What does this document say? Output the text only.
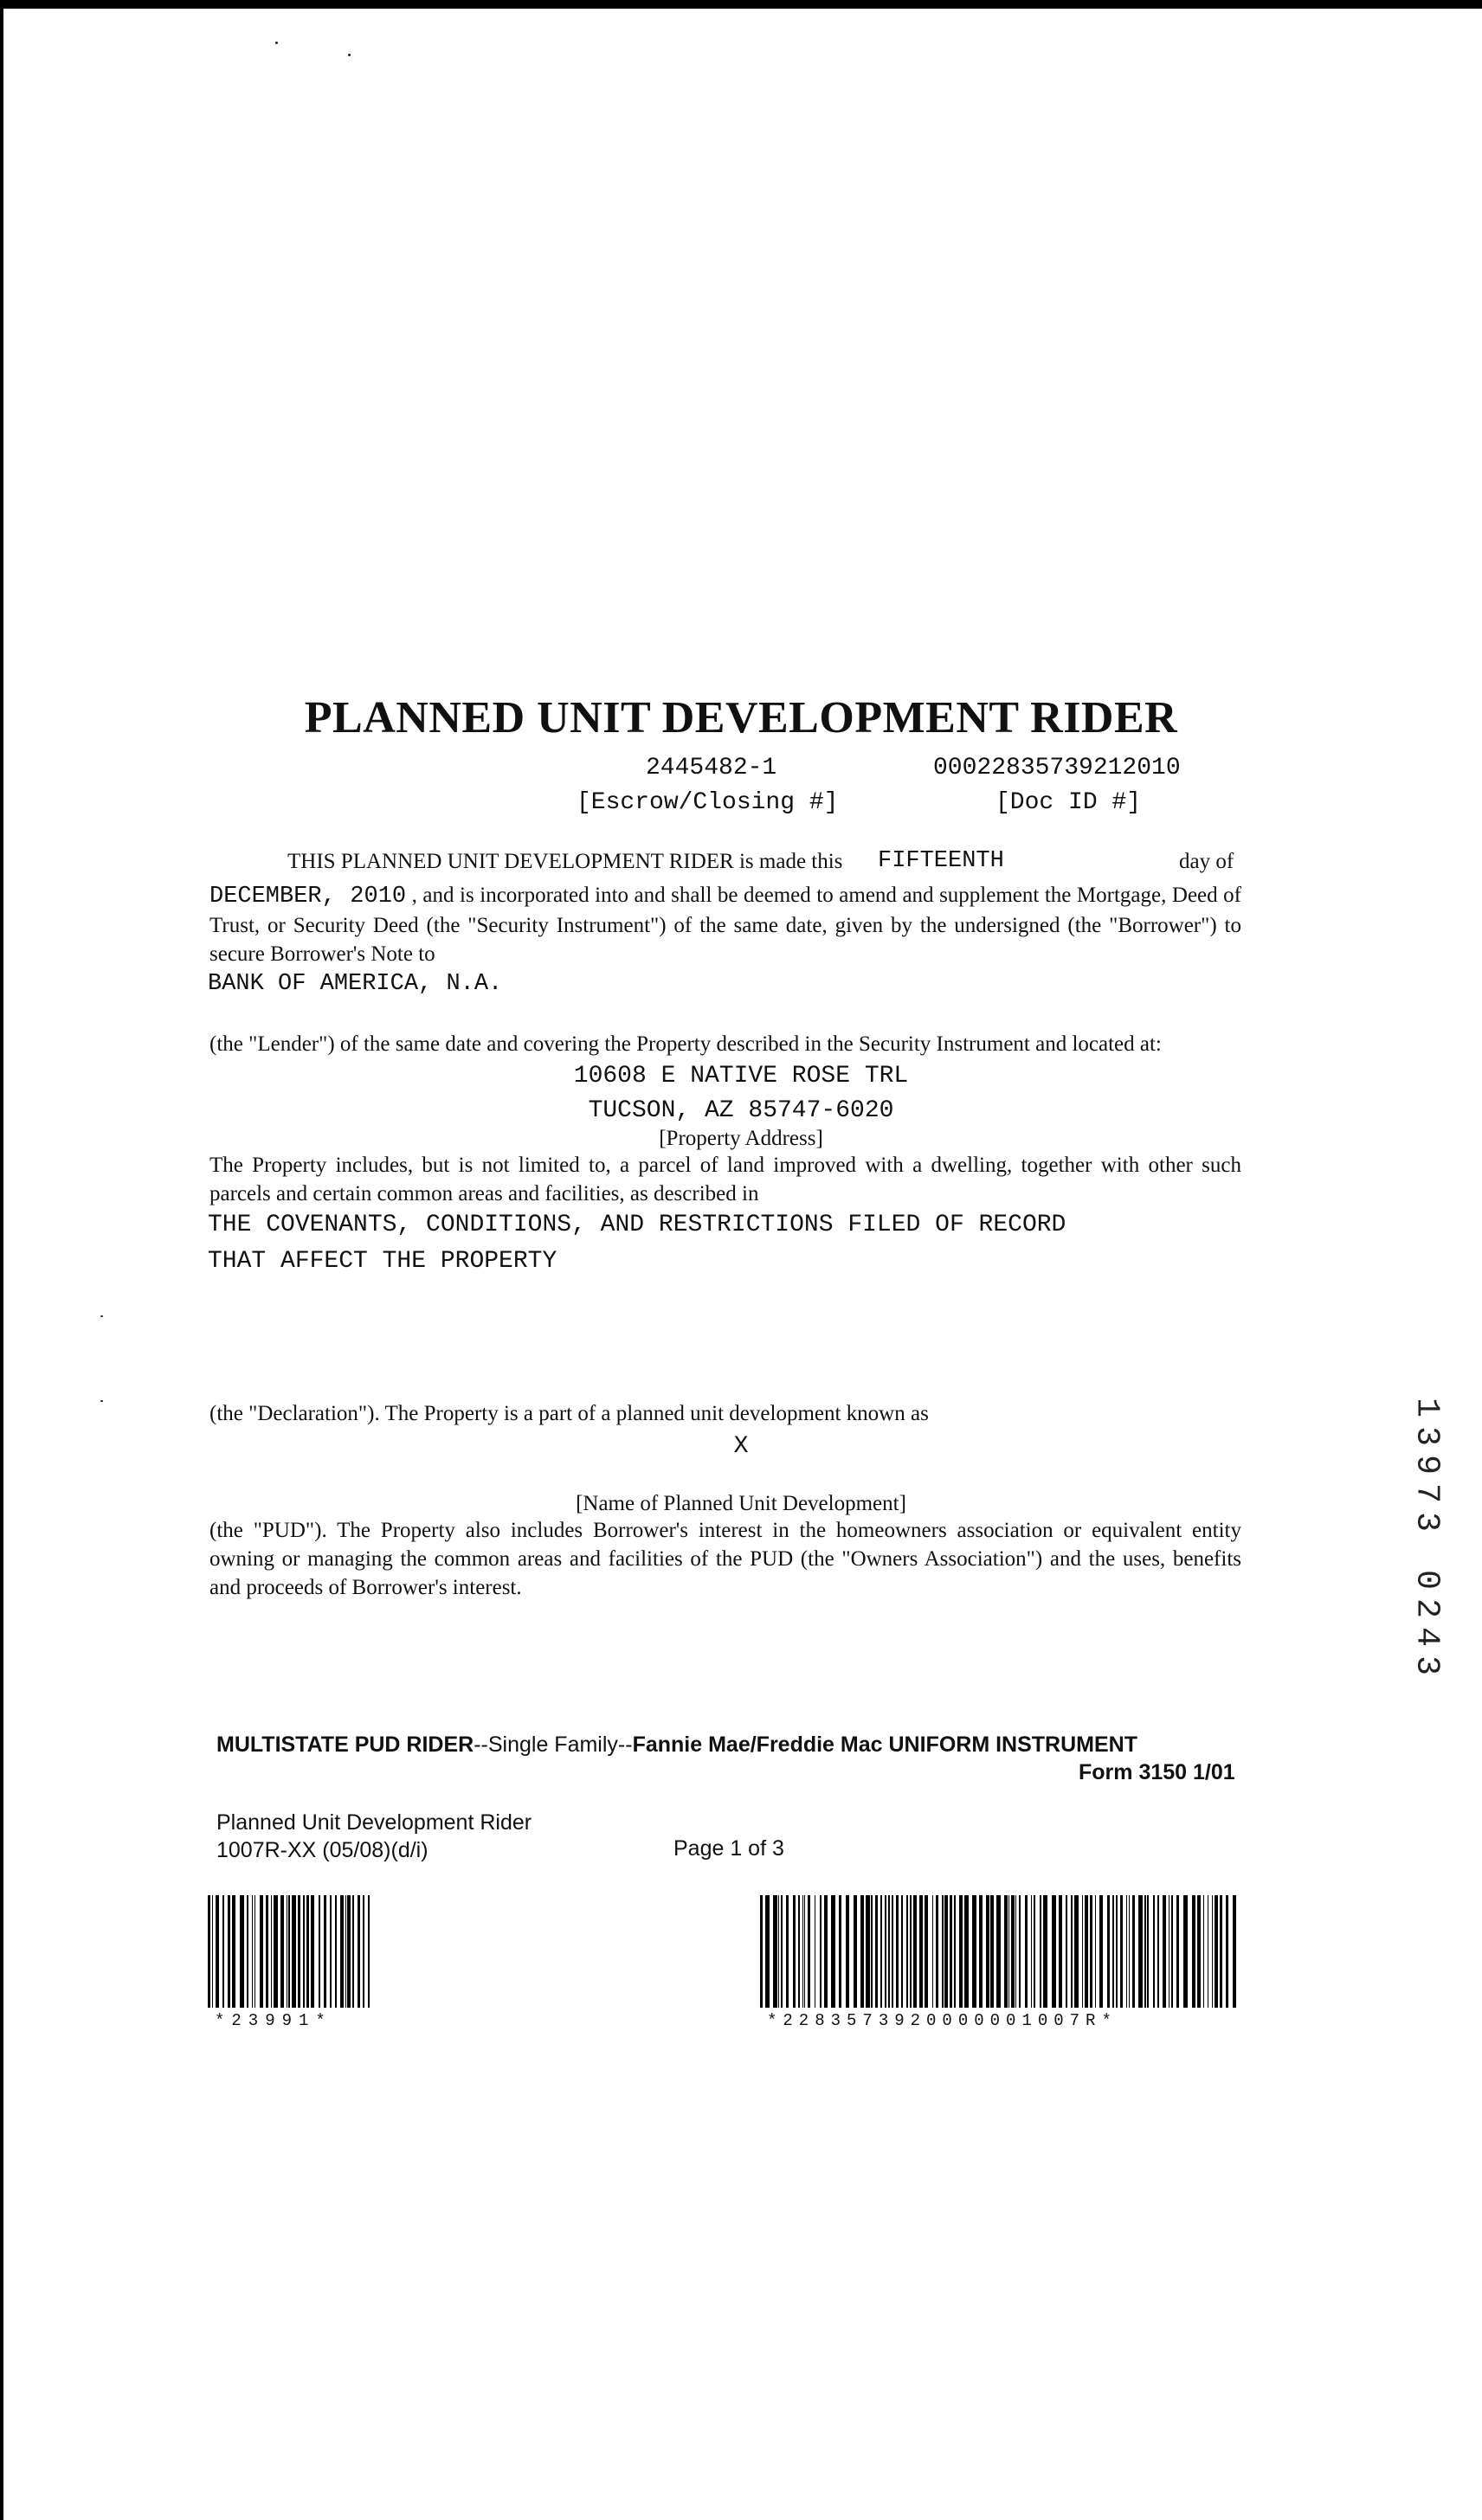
PLANNED UNIT DEVELOPMENT RIDER
2445482-1	00022835739212010
[Escrow/Closing #]	[Doc ID #]
THIS PLANNED UNIT DEVELOPMENT RIDER is made this FIFTEENTH	day of
DECEMBER, 2010 , and is incorporated into and shall be deemed to amend and supplement the Mortgage, Deed of Trust, or Security Deed (the "Security Instrument") of the same date, given by the undersigned (the "Borrower") to secure Borrower's Note to
BANK OF AMERICA, N.A.
(the "Lender") of the same date and covering the Property described in the Security Instrument and located at:
10608 E NATIVE ROSE TRL
TUCSON, AZ 85747-6020
[Property Address]
The Property includes, but is not limited to, a parcel of land improved with a dwelling, together with other such parcels and certain common areas and facilities, as described in
THE COVENANTS, CONDITIONS, AND RESTRICTIONS FILED OF RECORD
THAT AFFECT THE PROPERTY
(the "Declaration"). The Property is a part of a planned unit development known as
X
[Name of Planned Unit Development]
(the "PUD"). The Property also includes Borrower's interest in the homeowners association or equivalent entity owning or managing the common areas and facilities of the PUD (the "Owners Association") and the uses, benefits and proceeds of Borrower's interest.
MULTISTATE PUD RIDER--Single Family--Fannie Mae/Freddie Mac UNIFORM INSTRUMENT
Form 3150 1/01
Planned Unit Development Rider
1007R-XX (05/08)(d/i)	Page 1 of 3
*23991*	*2283573920000001007R*
1
3
9
7
3
0
2
4
3
